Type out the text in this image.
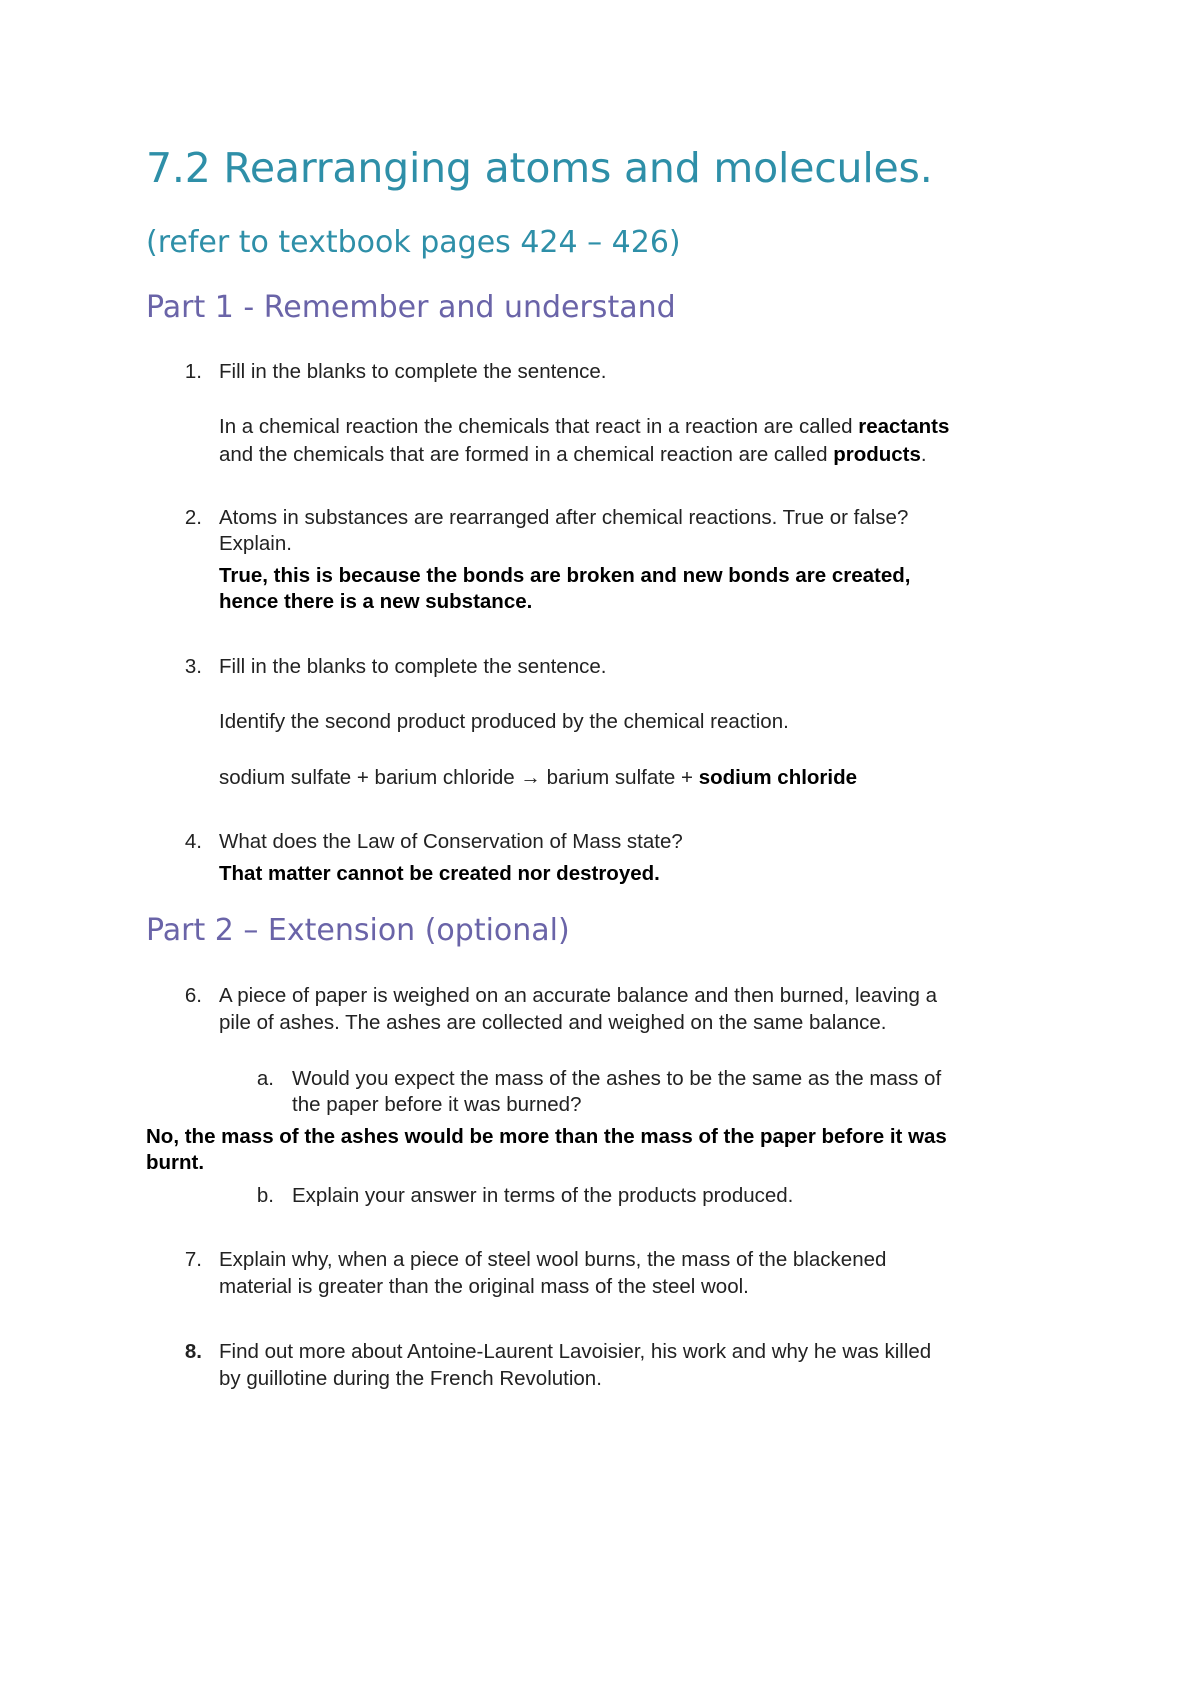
7.2 Rearranging atoms and molecules.
(refer to textbook pages 424 – 426)
Part 1 - Remember and understand
1. Fill in the blanks to complete the sentence.
In a chemical reaction the chemicals that react in a reaction are called reactants
and the chemicals that are formed in a chemical reaction are called products.
2. Atoms in substances are rearranged after chemical reactions. True or false?
Explain.
True, this is because the bonds are broken and new bonds are created,
hence there is a new substance.
3. Fill in the blanks to complete the sentence.
Identify the second product produced by the chemical reaction.
sodium sulfate + barium chloride → barium sulfate + sodium chloride
4. What does the Law of Conservation of Mass state?
That matter cannot be created nor destroyed.
Part 2 – Extension (optional)
6. A piece of paper is weighed on an accurate balance and then burned, leaving a
pile of ashes. The ashes are collected and weighed on the same balance.
a. Would you expect the mass of the ashes to be the same as the mass of
the paper before it was burned?
No, the mass of the ashes would be more than the mass of the paper before it was
burnt.
b. Explain your answer in terms of the products produced.
7. Explain why, when a piece of steel wool burns, the mass of the blackened
material is greater than the original mass of the steel wool.
8. Find out more about Antoine-Laurent Lavoisier, his work and why he was killed
by guillotine during the French Revolution.
